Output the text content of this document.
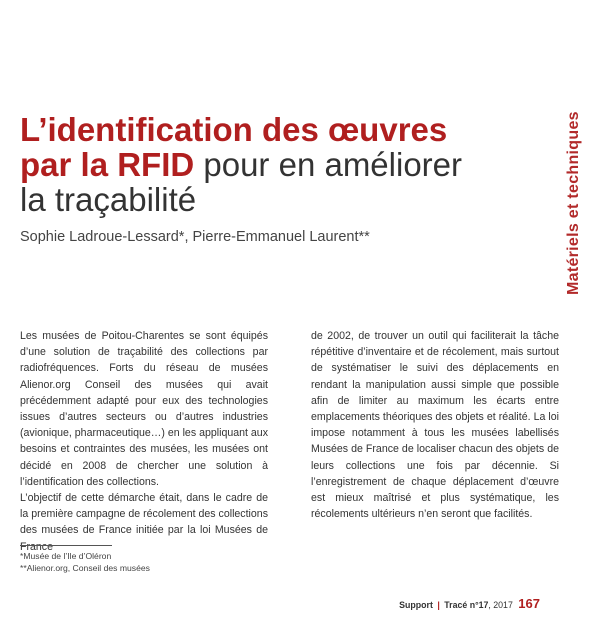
Matériels et techniques
L’identification des œuvres
par la RFID pour en améliorer
la traçabilité
Sophie Ladroue-Lessard*, Pierre-Emmanuel Laurent**

Les musées de Poitou-Charentes se sont équipés d’une solution de traçabilité des collections par radiofréquences. Forts du réseau de musées Alienor.org Conseil des musées qui avait précédemment adapté pour eux des technologies issues d’autres secteurs ou d’autres industries (avionique, pharmaceutique…) en les appliquant aux besoins et contraintes des musées, les musées ont décidé en 2008 de chercher une solution à l’identification des collections.

L’objectif de cette démarche était, dans le cadre de la première campagne de récolement des collections des musées de France initiée par la loi Musées de France

de 2002, de trouver un outil qui faciliterait la tâche répétitive d’inventaire et de récolement, mais surtout de systématiser le suivi des déplacements en rendant la manipulation aussi simple que possible afin de limiter au maximum les écarts entre emplacements théoriques des objets et réalité. La loi impose notamment à tous les musées labellisés Musées de France de localiser chacun des objets de leurs collections une fois par décennie. Si l’enregistrement de chaque déplacement d’œuvre est mieux maîtrisé et plus systématique, les récolements ultérieurs n’en seront que facilités.

*Musée de l’Ile d’Oléron
**Alienor.org, Conseil des musées
Support | Tracé n°17, 2017 167
